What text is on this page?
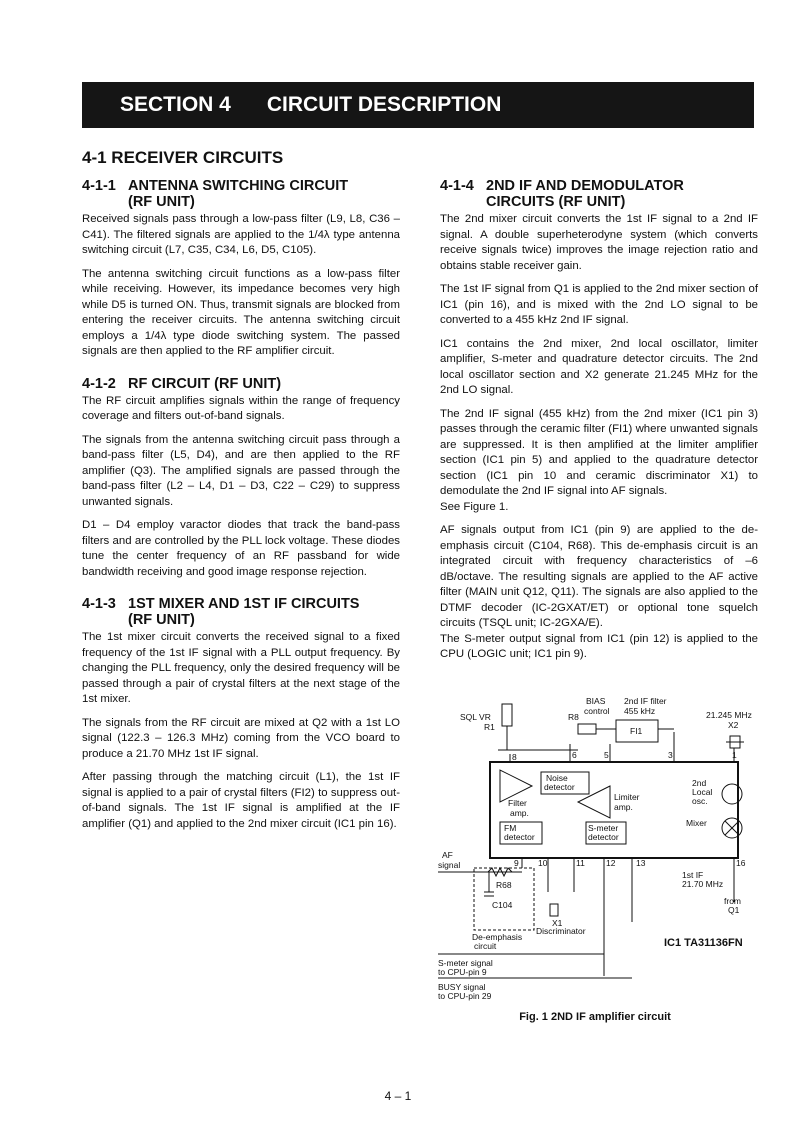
SECTION 4 CIRCUIT DESCRIPTION
4-1 RECEIVER CIRCUITS
4-1-1 ANTENNA SWITCHING CIRCUIT
(RF UNIT)

Received signals pass through a low-pass filter (L9, L8, C36 – C41). The filtered signals are applied to the 1/4λ type antenna switching circuit (L7, C35, C34, L6, D5, C105).

The antenna switching circuit functions as a low-pass filter while receiving. However, its impedance becomes very high while D5 is turned ON. Thus, transmit signals are blocked from entering the receiver circuits. The antenna switching circuit employs a 1/4λ type diode switching system. The passed signals are then applied to the RF amplifier circuit.

4-1-2 RF CIRCUIT (RF UNIT)

The RF circuit amplifies signals within the range of frequency coverage and filters out-of-band signals.

The signals from the antenna switching circuit pass through a band-pass filter (L5, D4), and are then applied to the RF amplifier (Q3). The amplified signals are passed through the band-pass filter (L2 – L4, D1 – D3, C22 – C29) to suppress unwanted signals.

D1 – D4 employ varactor diodes that track the band-pass filters and are controlled by the PLL lock voltage. These diodes tune the center frequency of an RF passband for wide bandwidth receiving and good image response rejection.

4-1-3 1ST MIXER AND 1ST IF CIRCUITS
(RF UNIT)

The 1st mixer circuit converts the received signal to a fixed frequency of the 1st IF signal with a PLL output frequency. By changing the PLL frequency, only the desired frequency will be passed through a pair of crystal filters at the next stage of the 1st mixer.

The signals from the RF circuit are mixed at Q2 with a 1st LO signal (122.3 – 126.3 MHz) coming from the VCO board to produce a 21.70 MHz 1st IF signal.

After passing through the matching circuit (L1), the 1st IF signal is applied to a pair of crystal filters (FI2) to suppress out-of-band signals. The 1st IF signal is amplified at the IF amplifier (Q1) and applied to the 2nd mixer circuit (IC1 pin 16).

4-1-4 2ND IF AND DEMODULATOR
CIRCUITS (RF UNIT)

The 2nd mixer circuit converts the 1st IF signal to a 2nd IF signal. A double superheterodyne system (which converts receive signals twice) improves the image rejection ratio and obtains stable receiver gain.

The 1st IF signal from Q1 is applied to the 2nd mixer section of IC1 (pin 16), and is mixed with the 2nd LO signal to be converted to a 455 kHz 2nd IF signal.

IC1 contains the 2nd mixer, 2nd local oscillator, limiter amplifier, S-meter and quadrature detector circuits. The 2nd local oscillator section and X2 generate 21.245 MHz for the 2nd LO signal.

The 2nd IF signal (455 kHz) from the 2nd mixer (IC1 pin 3) passes through the ceramic filter (FI1) where unwanted signals are suppressed. It is then amplified at the limiter amplifier section (IC1 pin 5) and applied to the quadrature detector section (IC1 pin 10 and ceramic discriminator X1) to demodulate the 2nd IF signal into AF signals.

See Figure 1.

AF signals output from IC1 (pin 9) are applied to the de-emphasis circuit (C104, R68). This de-emphasis circuit is an integrated circuit with frequency characteristics of –6 dB/octave. The resulting signals are applied to the AF active filter (MAIN unit Q12, Q11). The signals are also applied to the DTMF decoder (IC-2GXAT/ET) or optional tone squelch circuits (TSQL unit; IC-2GXA/E).

The S-meter output signal from IC1 (pin 12) is applied to the CPU (LOGIC unit; IC1 pin 9).

BIAS
control
2nd IF filter
455 kHz	21.245 MHz
X2
SQL VR
R1
R8
FI1
Noise
detector
Limiter
amp.
2nd
Local
osc.
Filter
amp.
Mixer
FM
detector
S-meter
detector
8	6	5	3	1
9 10	11 12 13	16
AF
signal
R68
C104
X1
Discriminator
De-emphasis
circuit
1st IF
21.70 MHz
from
Q1
IC1 TA31136FN
S-meter signal
to CPU-pin 9
BUSY signal
to CPU-pin 29
Fig. 1 2ND IF amplifier circuit
4 – 1
